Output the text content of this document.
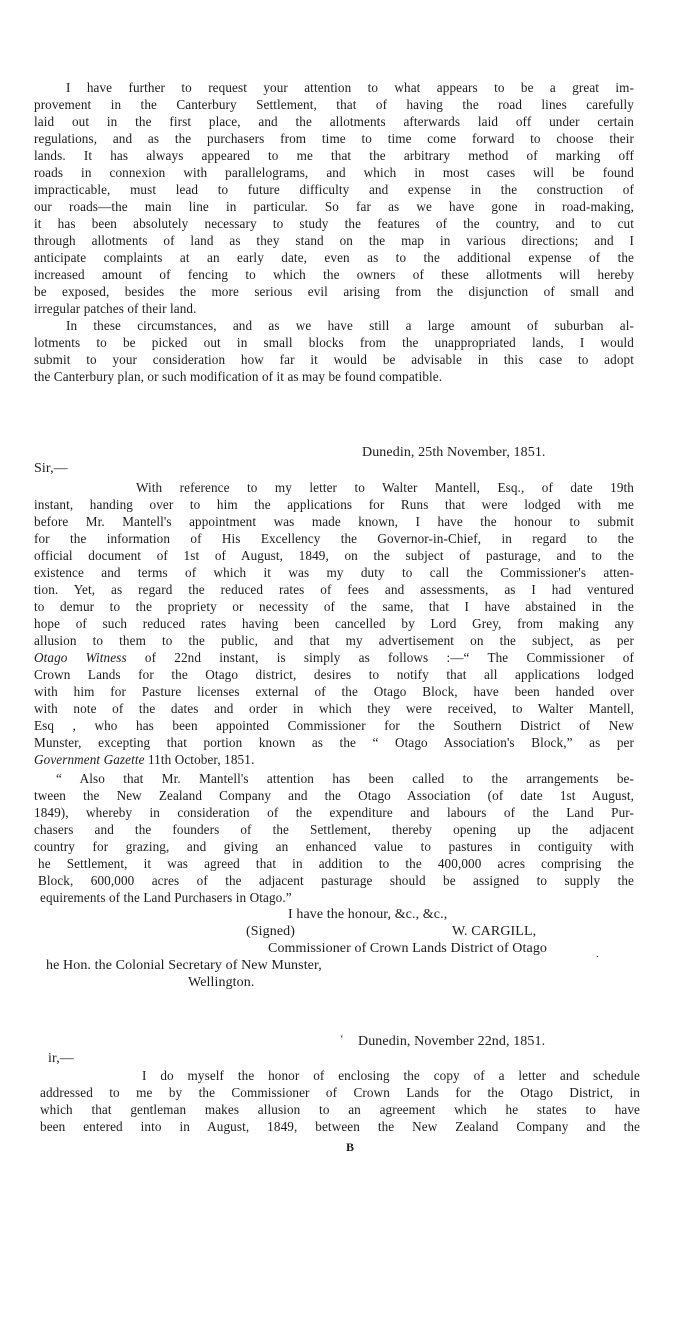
I have further to request your attention to what appears to be a great im-
provement in the Canterbury Settlement, that of having the road lines carefully
laid out in the first place, and the allotments afterwards laid off under certain
regulations, and as the purchasers from time to time come forward to choose their
lands. It has always appeared to me that the arbitrary method of marking off
roads in connexion with parallelograms, and which in most cases will be found
impracticable, must lead to future difficulty and expense in the construction of
our roads—the main line in particular. So far as we have gone in road-making,
it has been absolutely necessary to study the features of the country, and to cut
through allotments of land as they stand on the map in various directions; and I
anticipate complaints at an early date, even as to the additional expense of the
increased amount of fencing to which the owners of these allotments will hereby
be exposed, besides the more serious evil arising from the disjunction of small and
irregular patches of their land.
In these circumstances, and as we have still a large amount of suburban al-
lotments to be picked out in small blocks from the unappropriated lands, I would
submit to your consideration how far it would be advisable in this case to adopt
the Canterbury plan, or such modification of it as may be found compatible.
Dunedin, 25th November, 1851.
Sir,—
With reference to my letter to Walter Mantell, Esq., of date 19th
instant, handing over to him the applications for Runs that were lodged with me
before Mr. Mantell's appointment was made known, I have the honour to submit
for the information of His Excellency the Governor-in-Chief, in regard to the
official document of 1st of August, 1849, on the subject of pasturage, and to the
existence and terms of which it was my duty to call the Commissioner's atten-
tion. Yet, as regard the reduced rates of fees and assessments, as I had ventured
to demur to the propriety or necessity of the same, that I have abstained in the
hope of such reduced rates having been cancelled by Lord Grey, from making any
allusion to them to the public, and that my advertisement on the subject, as per
Otago Witness of 22nd instant, is simply as follows :—“ The Commissioner of
Crown Lands for the Otago district, desires to notify that all applications lodged
with him for Pasture licenses external of the Otago Block, have been handed over
with note of the dates and order in which they were received, to Walter Mantell,
Esq , who has been appointed Commissioner for the Southern District of New
Munster, excepting that portion known as the “ Otago Association's Block,” as per
Government Gazette 11th October, 1851.
“ Also that Mr. Mantell's attention has been called to the arrangements be-
tween the New Zealand Company and the Otago Association (of date 1st August,
1849), whereby in consideration of the expenditure and labours of the Land Pur-
chasers and the founders of the Settlement, thereby opening up the adjacent
country for grazing, and giving an enhanced value to pastures in contiguity with
he Settlement, it was agreed that in addition to the 400,000 acres comprising the
Block, 600,000 acres of the adjacent pasturage should be assigned to supply the
equirements of the Land Purchasers in Otago.”
I have the honour, &c., &c.,
(Signed)	W. CARGILL,
Commissioner of Crown Lands District of Otago	.
he Hon. the Colonial Secretary of New Munster,
Wellington.
‘ Dunedin, November 22nd, 1851.
ir,—
I do myself the honor of enclosing the copy of a letter and schedule
addressed to me by the Commissioner of Crown Lands for the Otago District, in
which that gentleman makes allusion to an agreement which he states to have
been entered into in August, 1849, between the New Zealand Company and the
B
